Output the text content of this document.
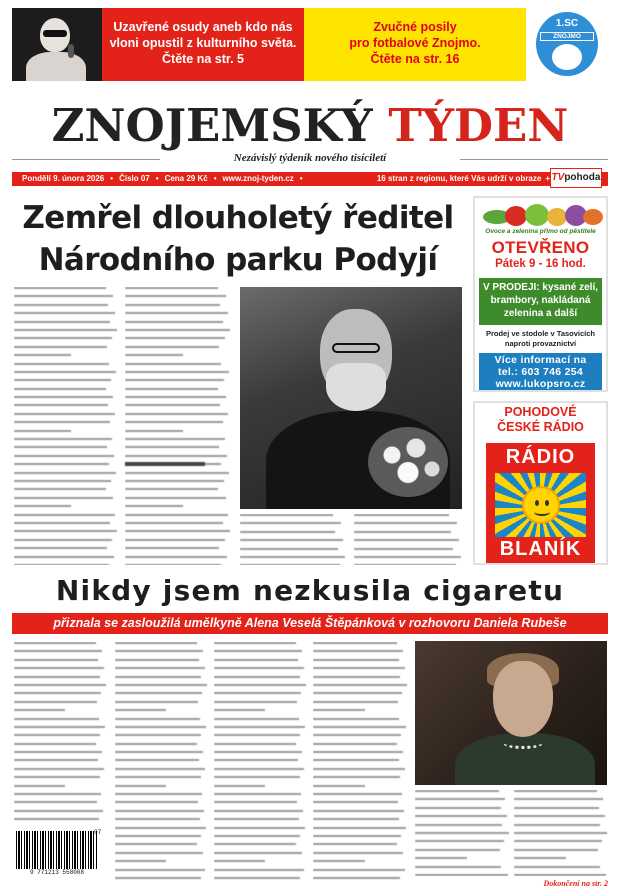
Uzavřené osudy aneb kdo nás
vloni opustil z kulturního světa.
Čtěte na str. 5
Zvučné posily
pro fotbalové Znojmo.
Čtěte na str. 16
1.SC
ZNOJMO
ZNOJEMSKÝ TÝDEN
Nezávislý týdeník nového tisíciletí
Pondělí 9. února 2026 • Číslo 07 • Cena 29 Kč • www.znoj-tyden.cz •	16 stran z regionu, které Vás udrží v obraze + TVpohoda
Zemřel dlouholetý ředitel
Národního parku Podyjí
Ovoce a zelenina přímo od pěstitele
OTEVŘENO
Pátek 9 - 16 hod.
V PRODEJI: kysané zelí,
brambory, nakládaná
zelenina a další
Prodej ve stodole v Tasovicích
naproti provaznictví
Více informací na
tel.: 603 746 254
www.lukopsro.cz
POHODOVÉ
ČESKÉ RÁDIO
RÁDIO
BLANÍK
Nikdy jsem nezkusila cigaretu
přiznala se zasloužilá umělkyně Alena Veselá Štěpánková v rozhovoru Daniela Rubeše
9 771213 558008
07
Dokončení na str. 2
